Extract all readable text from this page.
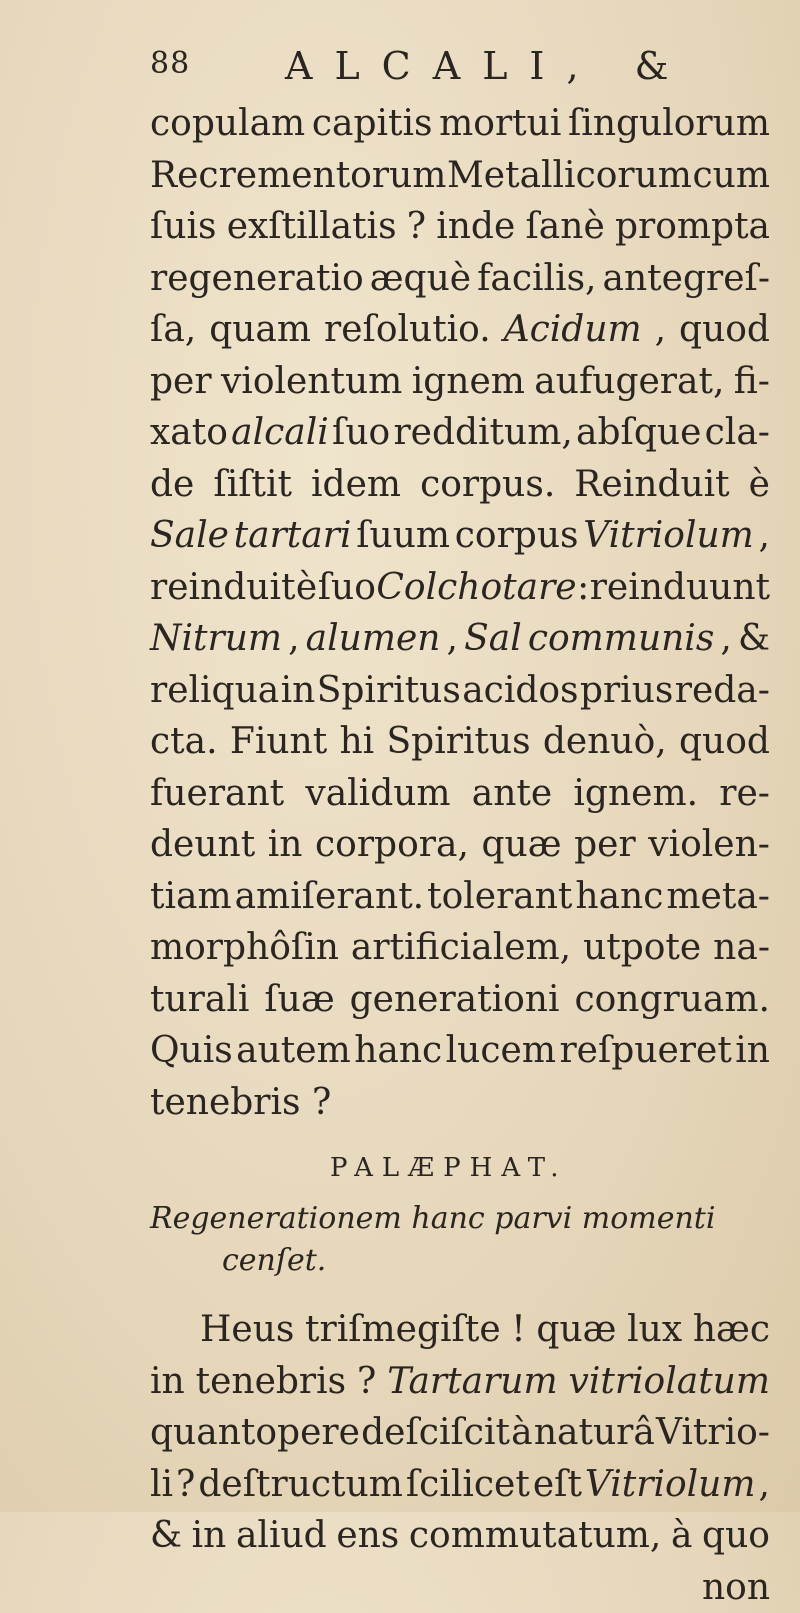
88 ALCALI, &
copulam capitis mortui ſingulorum
Recrementorum Metallicorum cum
ſuis exſtillatis ? inde ſanè prompta
regeneratio æquè facilis, antegreſ-
ſa, quam reſolutio. Acidum , quod
per violentum ignem aufugerat, fi-
xato alcali ſuo redditum, abſque cla-
de ſiſtit idem corpus. Reinduit è
Sale tartari ſuum corpus Vitriolum ,
reinduit è ſuo Colchotare : reinduunt
Nitrum , alumen , Sal communis , &
reliqua in Spiritus acidos prius reda-
cta. Fiunt hi Spiritus denuò, quod
fuerant validum ante ignem. re-
deunt in corpora, quæ per violen-
tiam amiſerant. tolerant hanc meta-
morphôſin artificialem, utpote na-
turali ſuæ generationi congruam.
Quis autem hanc lucem reſpueret in
tenebris ?
PALÆPHAT.
Regenerationem hanc parvi momenti
cenſet.
Heus triſmegiſte ! quæ lux hæc
in tenebris ? Tartarum vitriolatum
quantopere deſciſcit à naturâ Vitrio-
li ? deſtructum ſcilicet eſt Vitriolum ,
& in aliud ens commutatum, à quo
non
